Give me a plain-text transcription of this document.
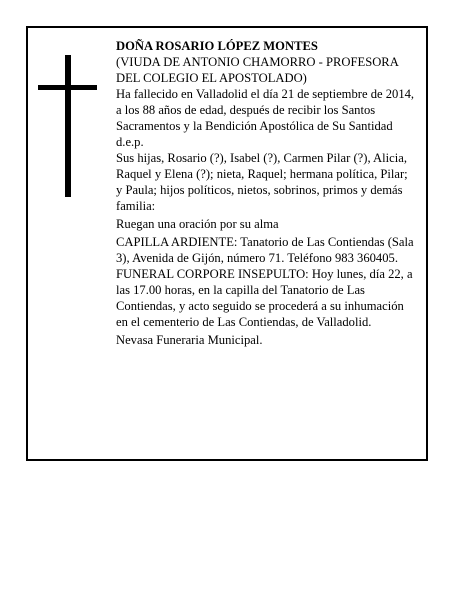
DOÑA ROSARIO LÓPEZ MONTES

(VIUDA DE ANTONIO CHAMORRO - PROFESORA DEL COLEGIO EL APOSTOLADO)

Ha fallecido en Valladolid el día 21 de septiembre de 2014, a los 88 años de edad, después de recibir los Santos Sacramentos y la Bendición Apostólica de Su Santidad

d.e.p.

Sus hijas, Rosario (?), Isabel (?), Carmen Pilar (?), Alicia, Raquel y Elena (?); nieta, Raquel; hermana política, Pilar; y Paula; hijos políticos, nietos, sobrinos, primos y demás familia:

Ruegan una oración por su alma

CAPILLA ARDIENTE: Tanatorio de Las Contiendas (Sala 3), Avenida de Gijón, número 71. Teléfono 983 360405.

FUNERAL CORPORE INSEPULTO: Hoy lunes, día 22, a las 17.00 horas, en la capilla del Tanatorio de Las Contiendas, y acto seguido se procederá a su inhumación en el cementerio de Las Contiendas, de Valladolid.

Nevasa Funeraria Municipal.
